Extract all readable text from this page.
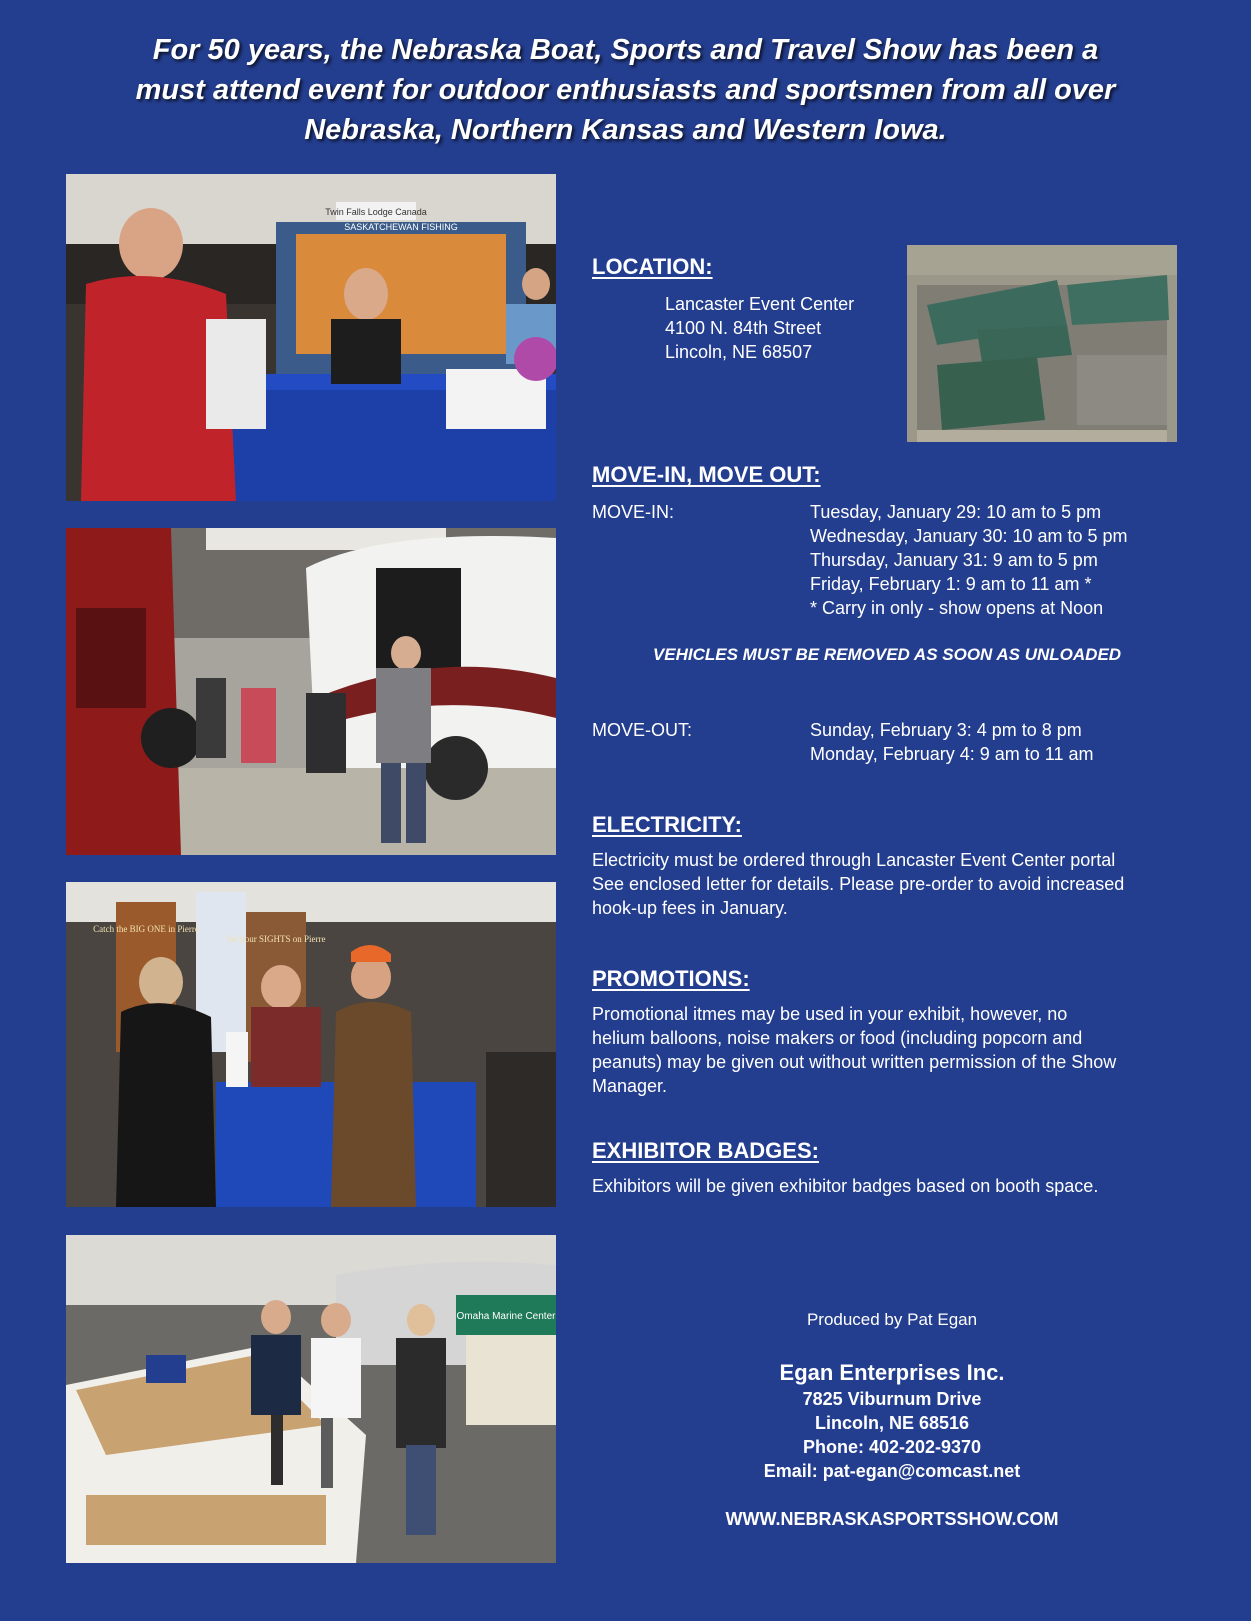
For 50 years, the Nebraska Boat, Sports and Travel Show has been a
must attend event for outdoor enthusiasts and sportsmen from all over
Nebraska, Northern Kansas and Western Iowa.
Twin Falls Lodge Canada
SASKATCHEWAN FISHING
Catch the BIG ONE in Pierre
Set your SIGHTS on Pierre
Omaha Marine Center
LOCATION:
Lancaster Event Center
4100 N. 84th Street
Lincoln, NE 68507
MOVE-IN, MOVE OUT:
MOVE-IN:	Tuesday, January 29: 10 am to 5 pm
Wednesday, January 30: 10 am to 5 pm
Thursday, January 31: 9 am to 5 pm
Friday, February 1: 9 am to 11 am *
* Carry in only - show opens at Noon
VEHICLES MUST BE REMOVED AS SOON AS UNLOADED
MOVE-OUT:	Sunday, February 3: 4 pm to 8 pm
Monday, February 4: 9 am to 11 am
ELECTRICITY:
Electricity must be ordered through Lancaster Event Center portal
See enclosed letter for details. Please pre-order to avoid increased
hook-up fees in January.
PROMOTIONS:
Promotional itmes may be used in your exhibit, however, no
helium balloons, noise makers or food (including popcorn and
peanuts) may be given out without written permission of the Show
Manager.
EXHIBITOR BADGES:
Exhibitors will be given exhibitor badges based on booth space.
Produced by Pat Egan
Egan Enterprises Inc.
7825 Viburnum Drive
Lincoln, NE 68516
Phone: 402-202-9370
Email: pat-egan@comcast.net
WWW.NEBRASKASPORTSSHOW.COM
